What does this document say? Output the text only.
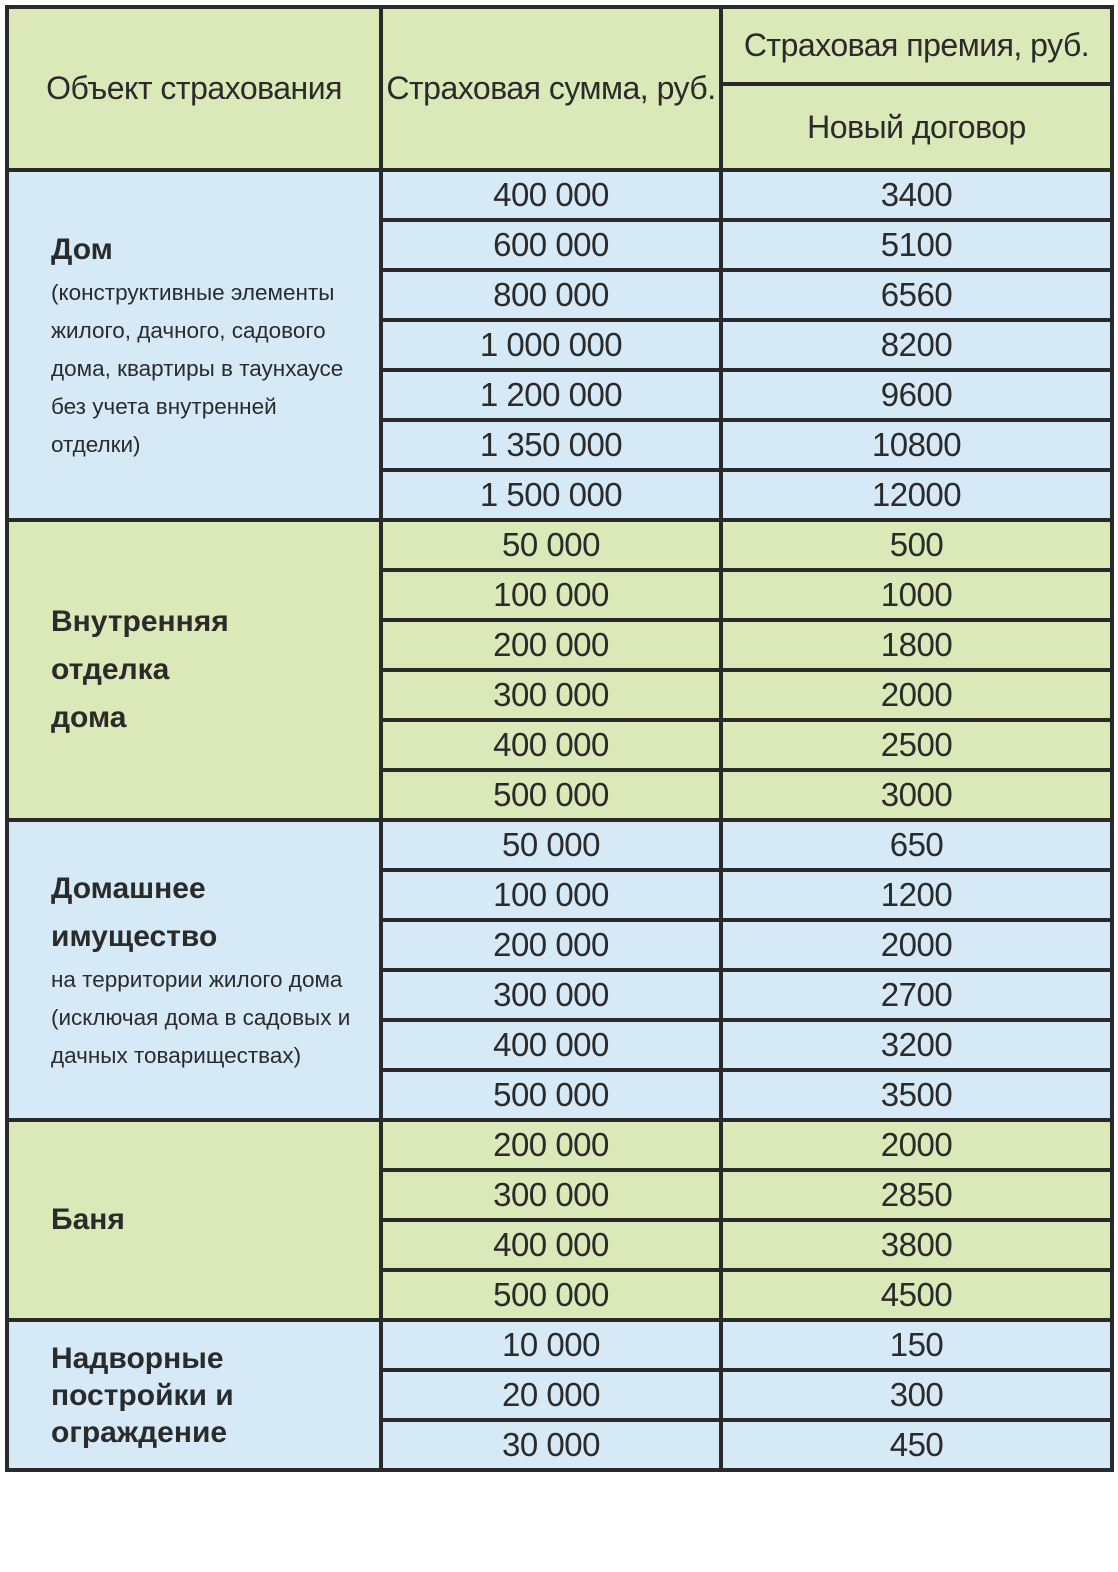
Объект страхования	Страховая сумма, руб.	Страховая премия, руб.
		Новый договор

Дом
(конструктивные элементы жилого, дачного, садового дома, квартиры в таунхаусе без учета внутренней отделки)	400 000	3400
	600 000	5100
	800 000	6560
	1 000 000	8200
	1 200 000	9600
	1 350 000	10800
	1 500 000	12000

Внутренняя отделка дома	50 000	500
	100 000	1000
	200 000	1800
	300 000	2000
	400 000	2500
	500 000	3000

Домашнее имущество
на территории жилого дома (исключая дома в садовых и дачных товариществах)	50 000	650
	100 000	1200
	200 000	2000
	300 000	2700
	400 000	3200
	500 000	3500

Баня	200 000	2000
	300 000	2850
	400 000	3800
	500 000	4500

Надворные постройки и ограждение	10 000	150
	20 000	300
	30 000	450
